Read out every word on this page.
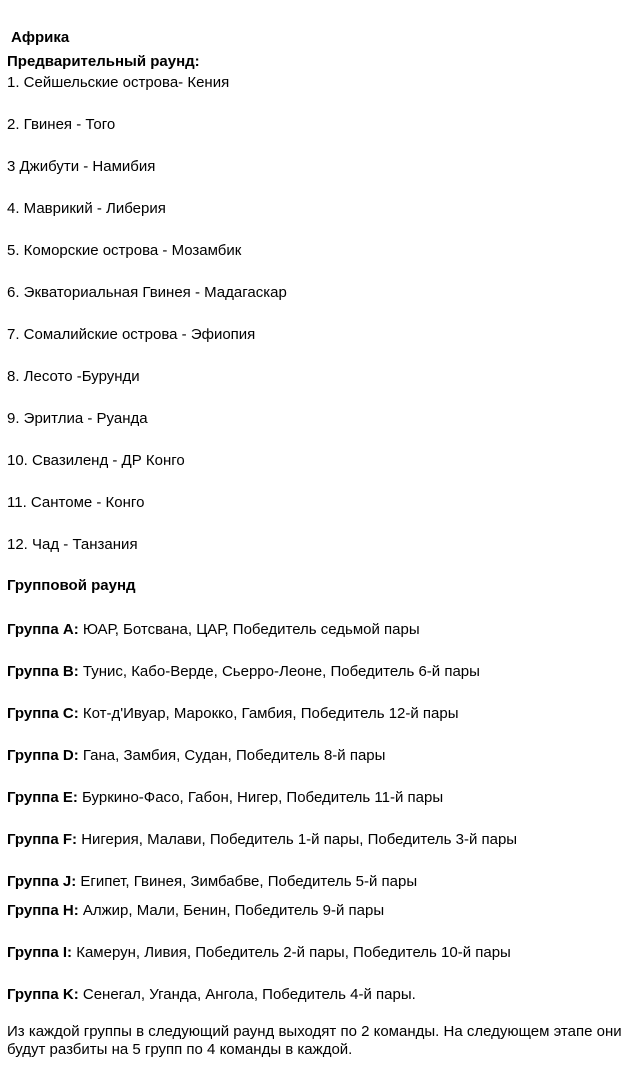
Африка

Предварительный раунд:

1. Сейшельские острова- Кения

2. Гвинея - Того

3 Джибути - Намибия

4. Маврикий - Либерия

5. Коморские острова - Мозамбик

6. Экваториальная Гвинея - Мадагаскар

7. Сомалийские острова - Эфиопия

8. Лесото -Бурунди

9. Эритлиа - Руанда

10. Свазиленд - ДР Конго

11. Сантоме - Конго

12. Чад - Танзания

Групповой раунд

Группа A: ЮАР, Ботсвана, ЦАР, Победитель седьмой пары

Группа B: Тунис, Кабо-Верде, Сьерро-Леоне, Победитель 6-й пары

Группа C: Кот-д'Ивуар, Марокко, Гамбия, Победитель 12-й пары

Группа D: Гана, Замбия, Судан, Победитель 8-й пары

Группа E: Буркино-Фасо, Габон, Нигер, Победитель 11-й пары

Группа F: Нигерия, Малави, Победитель 1-й пары, Победитель 3-й пары

Группа J: Египет, Гвинея, Зимбабве, Победитель 5-й пары

Группа H: Алжир, Мали, Бенин, Победитель 9-й пары

Группа I: Камерун, Ливия, Победитель 2-й пары, Победитель 10-й пары

Группа K: Сенегал, Уганда, Ангола, Победитель 4-й пары.

Из каждой группы в следующий раунд выходят по 2 команды. На следующем этапе они будут разбиты на 5 групп по 4 команды в каждой.
